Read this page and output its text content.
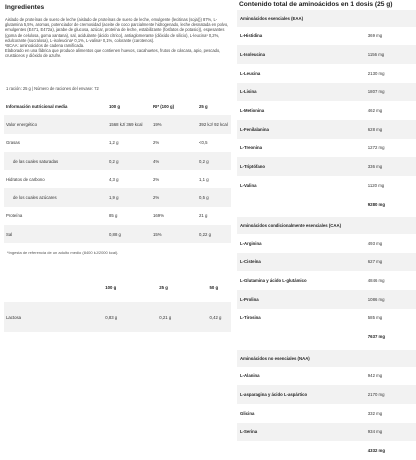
Ingredientes

Aislado de proteínas de suero de leche (aislado de proteínas de suero de leche, emulgente (lecitinas (soja))) 87%, L-glutamina 5,5%, aromas, potenciador de cremosidad (aceite de coco parcialmente hidrogenado, leche desnatada en polvo, emulgentes (E471, E472a), jarabe de glucosa, azúcar, proteína de leche, estabilizante (fosfatos de potasio)), espesantes (goma de celulosa, goma xantana), sal, acidulante (ácido cítrico), antiaglomerante (dióxido de silicio), L-leucina¹ 0,2%, edulcorante (sucralosa), L-isoleucina¹ 0,1%, L-valina¹ 0,1%, colorante (carotenos).

¹BCAA: aminoácidos de cadena ramificada.

Elaborado en una fábrica que produce alimentos que contienen huevos, cacahuetes, frutos de cáscara, apio, pescado, crustáceos y dióxido de azufre.

1 ración: 25 g | Número de raciones del envase: 72
Información nutricional media	100 g	RI* (100 g)	25 g
Valor energético	1568 kJ/ 369 kcal	19%	392 kJ/ 92 kcal
Grasas	1,2 g	2%	<0,5
de las cuales saturadas	0,2 g	4%	0,2 g
Hidratos de carbono	4,3 g	2%	1,1 g
de los cuales azúcares	1,9 g	2%	0,5 g
Proteína	85 g	169%	21 g
Sal	0,88 g	15%	0,22 g
*Ingesta de referencia de un adulto medio (8400 kJ/2000 kcal).
	100 g	25 g	50 g
Lactosa	0,83 g	0,21 g	0,42 g
Contenido total de aminoácidos en 1 dosis (25 g)
Aminoácidos esenciales (EAA)	
L-Histidina	369 mg
L-Isoleucina	1156 mg
L-Leucina	2130 mg
L-Lisina	1807 mg
L-Metionina	462 mg
L-Fenilalanina	628 mg
L-Treonina	1272 mg
L-Triptófano	336 mg
L-Valina	1120 mg
	9280 mg

Aminoácidos condicionalmente esenciales (CAA)	
L-Arginina	493 mg
L-Cisteína	627 mg
L-Glutamina y ácido L-glutámico	4846 mg
L-Prolina	1086 mg
L-Tirosina	585 mg
	7637 mg

Aminoácidos no esenciales (NAA)	
L-Alanina	942 mg
L-asparagina y ácido L-aspártico	2170 mg
Glicina	332 mg
L-Serina	934 mg
	4332 mg
